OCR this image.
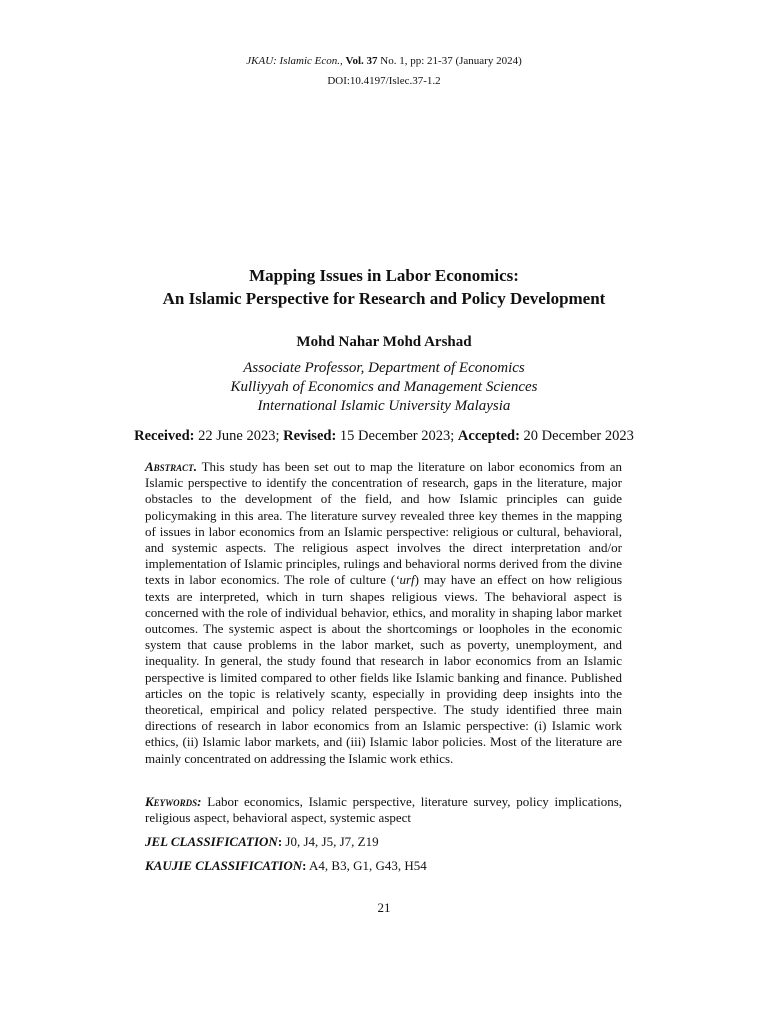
JKAU: Islamic Econ., Vol. 37 No. 1, pp: 21-37 (January 2024)
DOI:10.4197/Islec.37-1.2
Mapping Issues in Labor Economics:
An Islamic Perspective for Research and Policy Development
Mohd Nahar Mohd Arshad
Associate Professor, Department of Economics
Kulliyyah of Economics and Management Sciences
International Islamic University Malaysia
Received: 22 June 2023; Revised: 15 December 2023; Accepted: 20 December 2023
Abstract. This study has been set out to map the literature on labor economics from an Islamic perspective to identify the concentration of research, gaps in the literature, major obstacles to the development of the field, and how Islamic principles can guide policymaking in this area. The literature survey revealed three key themes in the mapping of issues in labor economics from an Islamic perspective: religious or cultural, behavioral, and systemic aspects. The religious aspect involves the direct interpretation and/or implementation of Islamic principles, rulings and behavioral norms derived from the divine texts in labor economics. The role of culture (‘urf) may have an effect on how religious texts are interpreted, which in turn shapes religious views. The behavioral aspect is concerned with the role of individual behavior, ethics, and morality in shaping labor market outcomes. The systemic aspect is about the shortcomings or loopholes in the economic system that cause problems in the labor market, such as poverty, unemployment, and inequality. In general, the study found that research in labor economics from an Islamic perspective is limited compared to other fields like Islamic banking and finance. Published articles on the topic is relatively scanty, especially in providing deep insights into the theoretical, empirical and policy related perspective. The study identified three main directions of research in labor economics from an Islamic perspective: (i) Islamic work ethics, (ii) Islamic labor markets, and (iii) Islamic labor policies. Most of the literature are mainly concentrated on addressing the Islamic work ethics.
Keywords: Labor economics, Islamic perspective, literature survey, policy implications, religious aspect, behavioral aspect, systemic aspect
JEL CLASSIFICATION: J0, J4, J5, J7, Z19
KAUJIE CLASSIFICATION: A4, B3, G1, G43, H54
21
